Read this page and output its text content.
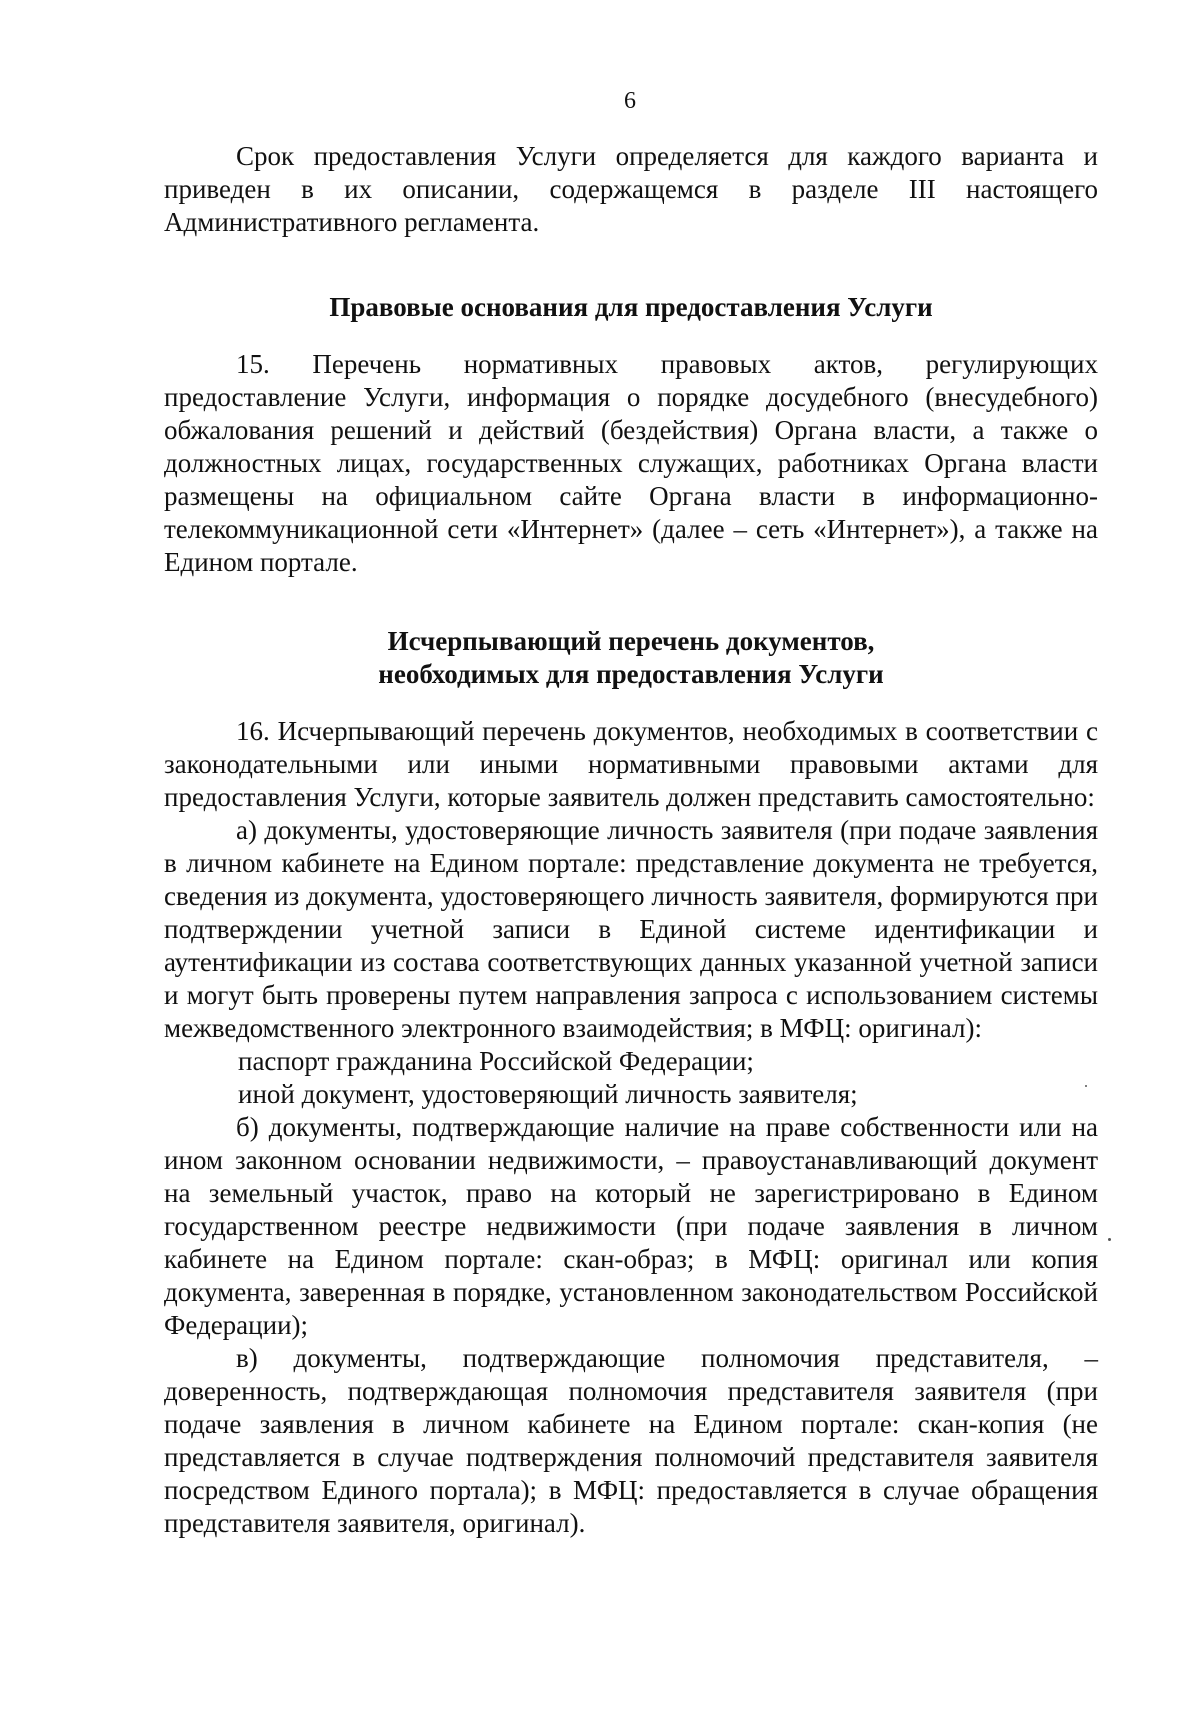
6

Срок предоставления Услуги определяется для каждого варианта и приведен в их описании, содержащемся в разделе III настоящего Административного регламента.

Правовые основания для предоставления Услуги

15. Перечень нормативных правовых актов, регулирующих предоставление Услуги, информация о порядке досудебного (внесудебного) обжалования решений и действий (бездействия) Органа власти, а также о должностных лицах, государственных служащих, работниках Органа власти размещены на официальном сайте Органа власти в информационно-телекоммуникационной сети «Интернет» (далее – сеть «Интернет»), а также на Едином портале.

Исчерпывающий перечень документов,

необходимых для предоставления Услуги

16. Исчерпывающий перечень документов, необходимых в соответствии с законодательными или иными нормативными правовыми актами для предоставления Услуги, которые заявитель должен представить самостоятельно:

а) документы, удостоверяющие личность заявителя (при подаче заявления в личном кабинете на Едином портале: представление документа не требуется, сведения из документа, удостоверяющего личность заявителя, формируются при подтверждении учетной записи в Единой системе идентификации и аутентификации из состава соответствующих данных указанной учетной записи и могут быть проверены путем направления запроса с использованием системы межведомственного электронного взаимодействия; в МФЦ: оригинал):

паспорт гражданина Российской Федерации;

иной документ, удостоверяющий личность заявителя;

б) документы, подтверждающие наличие на праве собственности или на ином законном основании недвижимости, – правоустанавливающий документ на земельный участок, право на который не зарегистрировано в Едином государственном реестре недвижимости (при подаче заявления в личном кабинете на Едином портале: скан-образ; в МФЦ: оригинал или копия документа, заверенная в порядке, установленном законодательством Российской Федерации);

в) документы, подтверждающие полномочия представителя, – доверенность, подтверждающая полномочия представителя заявителя (при подаче заявления в личном кабинете на Едином портале: скан-копия (не представляется в случае подтверждения полномочий представителя заявителя посредством Единого портала); в МФЦ: предоставляется в случае обращения представителя заявителя, оригинал).
